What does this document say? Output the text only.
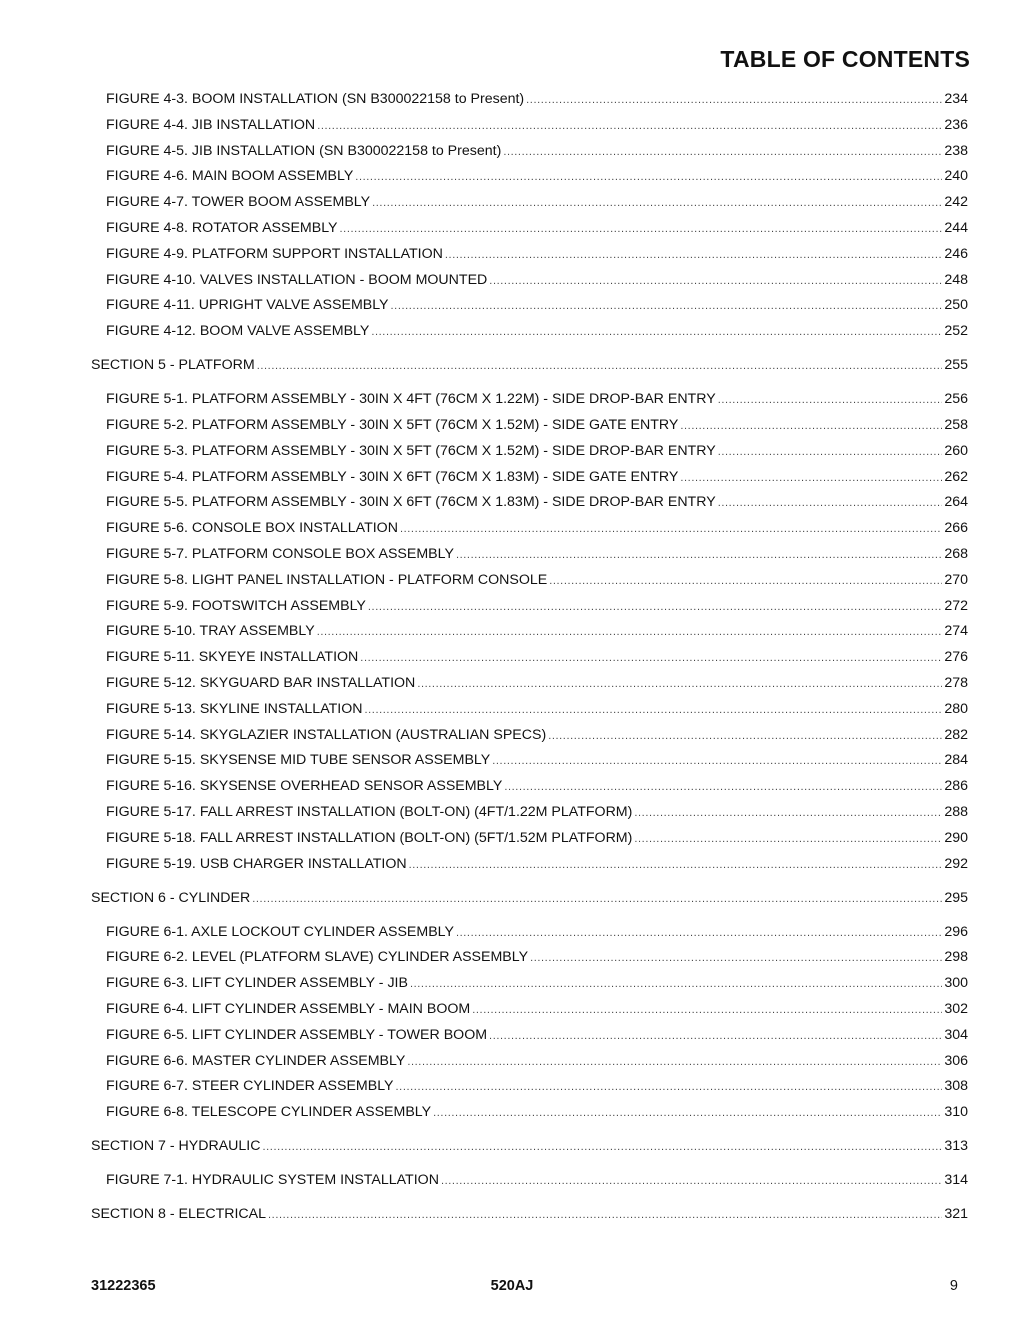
TABLE OF CONTENTS
FIGURE 4-3. BOOM INSTALLATION (SN B300022158 to Present) .....	234
FIGURE 4-4. JIB INSTALLATION .....	236
FIGURE 4-5. JIB INSTALLATION (SN B300022158 to Present) .....	238
FIGURE 4-6. MAIN BOOM ASSEMBLY .....	240
FIGURE 4-7. TOWER BOOM ASSEMBLY .....	242
FIGURE 4-8. ROTATOR ASSEMBLY .....	244
FIGURE 4-9. PLATFORM SUPPORT INSTALLATION .....	246
FIGURE 4-10. VALVES INSTALLATION - BOOM MOUNTED .....	248
FIGURE 4-11. UPRIGHT VALVE ASSEMBLY .....	250
FIGURE 4-12. BOOM VALVE ASSEMBLY .....	252
SECTION 5 - PLATFORM .....	255
FIGURE 5-1. PLATFORM ASSEMBLY - 30IN X 4FT (76CM X 1.22M) - SIDE DROP-BAR ENTRY .....	256
FIGURE 5-2. PLATFORM ASSEMBLY - 30IN X 5FT (76CM X 1.52M) - SIDE GATE ENTRY .....	258
FIGURE 5-3. PLATFORM ASSEMBLY - 30IN X 5FT (76CM X 1.52M) - SIDE DROP-BAR ENTRY .....	260
FIGURE 5-4. PLATFORM ASSEMBLY - 30IN X 6FT (76CM X 1.83M) - SIDE GATE ENTRY .....	262
FIGURE 5-5. PLATFORM ASSEMBLY - 30IN X 6FT (76CM X 1.83M) - SIDE DROP-BAR ENTRY .....	264
FIGURE 5-6. CONSOLE BOX INSTALLATION .....	266
FIGURE 5-7. PLATFORM CONSOLE BOX ASSEMBLY .....	268
FIGURE 5-8. LIGHT PANEL INSTALLATION - PLATFORM CONSOLE .....	270
FIGURE 5-9. FOOTSWITCH ASSEMBLY .....	272
FIGURE 5-10. TRAY ASSEMBLY .....	274
FIGURE 5-11. SKYEYE INSTALLATION .....	276
FIGURE 5-12. SKYGUARD BAR INSTALLATION .....	278
FIGURE 5-13. SKYLINE INSTALLATION .....	280
FIGURE 5-14. SKYGLAZIER INSTALLATION (AUSTRALIAN SPECS) .....	282
FIGURE 5-15. SKYSENSE MID TUBE SENSOR ASSEMBLY .....	284
FIGURE 5-16. SKYSENSE OVERHEAD SENSOR ASSEMBLY .....	286
FIGURE 5-17. FALL ARREST INSTALLATION (BOLT-ON) (4FT/1.22M PLATFORM) .....	288
FIGURE 5-18. FALL ARREST INSTALLATION (BOLT-ON) (5FT/1.52M PLATFORM) .....	290
FIGURE 5-19. USB CHARGER INSTALLATION .....	292
SECTION 6 - CYLINDER .....	295
FIGURE 6-1. AXLE LOCKOUT CYLINDER ASSEMBLY .....	296
FIGURE 6-2. LEVEL (PLATFORM SLAVE) CYLINDER ASSEMBLY .....	298
FIGURE 6-3. LIFT CYLINDER ASSEMBLY - JIB .....	300
FIGURE 6-4. LIFT CYLINDER ASSEMBLY - MAIN BOOM .....	302
FIGURE 6-5. LIFT CYLINDER ASSEMBLY - TOWER BOOM .....	304
FIGURE 6-6. MASTER CYLINDER ASSEMBLY .....	306
FIGURE 6-7. STEER CYLINDER ASSEMBLY .....	308
FIGURE 6-8. TELESCOPE CYLINDER ASSEMBLY .....	310
SECTION 7 - HYDRAULIC .....	313
FIGURE 7-1. HYDRAULIC SYSTEM INSTALLATION .....	314
SECTION 8 - ELECTRICAL .....	321
31222365	520AJ	9
